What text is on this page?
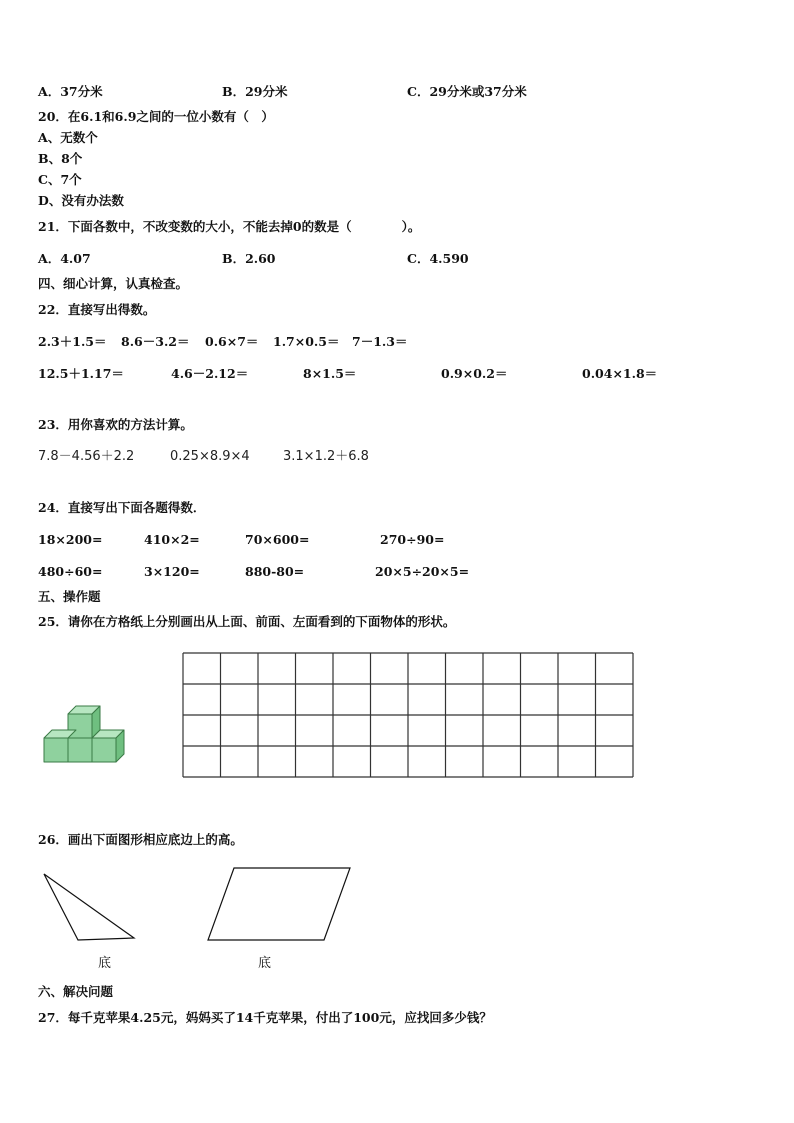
A．37分米	B．29分米	C．29分米或37分米
20．在6.1和6.9之间的一位小数有（　）
A、无数个
B、8个
C、7个
D、没有办法数
21．下面各数中，不改变数的大小，不能去掉0的数是（　　　　）。
A．4.07	B．2.60	C．4.590
四、细心计算，认真检查。
22．直接写出得数。
2.3＋1.5＝ 8.6－3.2＝ 0.6×7＝ 1.7×0.5＝ 7－1.3＝
12.5＋1.17＝	4.6－2.12＝	8×1.5＝	0.9×0.2＝	0.04×1.8＝
23．用你喜欢的方法计算。
7.8－4.56＋2.2	0.25×8.9×4	3.1×1.2＋6.8
24．直接写出下面各题得数．
18×200=	410×2=	70×600=	270÷90=
480÷60=	3×120=	880-80=	20×5÷20×5=
五、操作题
25．请你在方格纸上分别画出从上面、前面、左面看到的下面物体的形状。
26．画出下面图形相应底边上的高。
底	底
六、解决问题
27．每千克苹果4.25元，妈妈买了14千克苹果，付出了100元，应找回多少钱？
